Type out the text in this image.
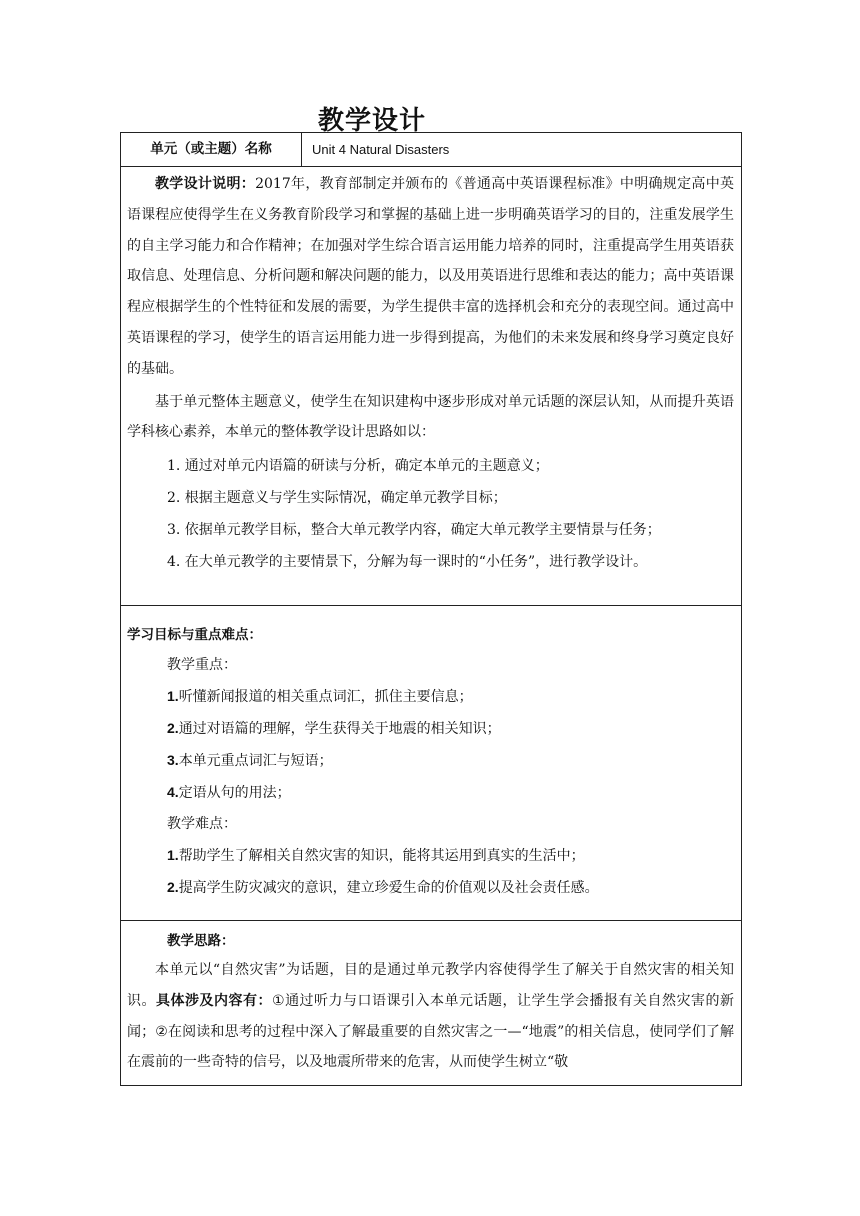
教学设计
单元（或主题）名称	Unit 4 Natural Disasters

教学设计说明：2017年，教育部制定并颁布的《普通高中英语课程标准》中明确规定高中英语课程应使得学生在义务教育阶段学习和掌握的基础上进一步明确英语学习的目的，注重发展学生的自主学习能力和合作精神；在加强对学生综合语言运用能力培养的同时，注重提高学生用英语获取信息、处理信息、分析问题和解决问题的能力，以及用英语进行思维和表达的能力；高中英语课程应根据学生的个性特征和发展的需要，为学生提供丰富的选择机会和充分的表现空间。通过高中英语课程的学习，使学生的语言运用能力进一步得到提高，为他们的未来发展和终身学习奠定良好的基础。

基于单元整体主题意义，使学生在知识建构中逐步形成对单元话题的深层认知，从而提升英语学科核心素养，本单元的整体教学设计思路如以：

1. 通过对单元内语篇的研读与分析，确定本单元的主题意义；

2. 根据主题意义与学生实际情况，确定单元教学目标；

3. 依据单元教学目标，整合大单元教学内容，确定大单元教学主要情景与任务；

4. 在大单元教学的主要情景下，分解为每一课时的“小任务”，进行教学设计。

学习目标与重点难点：

教学重点：

1.听懂新闻报道的相关重点词汇，抓住主要信息；

2.通过对语篇的理解，学生获得关于地震的相关知识；

3.本单元重点词汇与短语；

4.定语从句的用法；

教学难点：

1.帮助学生了解相关自然灾害的知识，能将其运用到真实的生活中；

2.提高学生防灾减灾的意识，建立珍爱生命的价值观以及社会责任感。

教学思路：

本单元以“自然灾害”为话题，目的是通过单元教学内容使得学生了解关于自然灾害的相关知识。具体涉及内容有：①通过听力与口语课引入本单元话题，让学生学会播报有关自然灾害的新闻；②在阅读和思考的过程中深入了解最重要的自然灾害之一—“地震”的相关信息，使同学们了解在震前的一些奇特的信号，以及地震所带来的危害，从而使学生树立“敬
